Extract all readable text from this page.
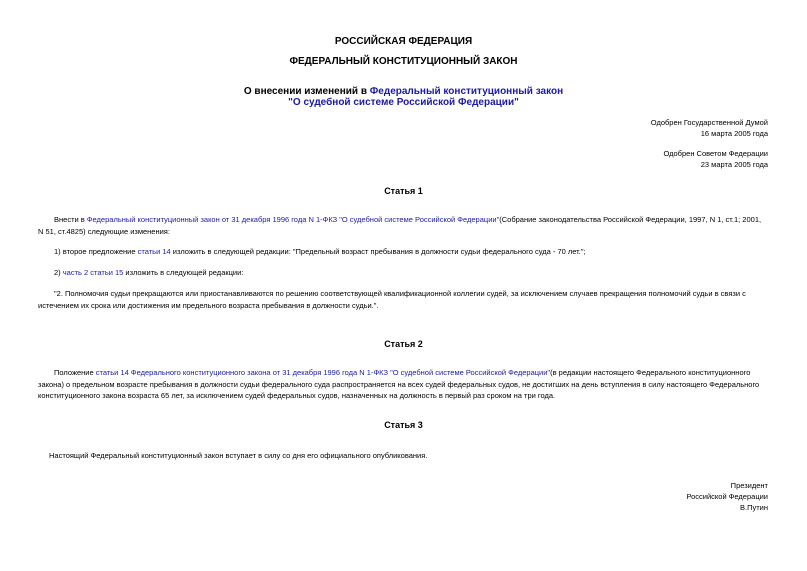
РОССИЙСКАЯ ФЕДЕРАЦИЯ
ФЕДЕРАЛЬНЫЙ КОНСТИТУЦИОННЫЙ ЗАКОН
О внесении изменений в Федеральный конституционный закон
"О судебной системе Российской Федерации"
Одобрен Государственной Думой
16 марта 2005 года
Одобрен Советом Федерации
23 марта 2005 года
Статья 1
Внести в Федеральный конституционный закон от 31 декабря 1996 года N 1-ФКЗ "О судебной системе Российской Федерации"(Собрание законодательства Российской Федерации, 1997, N 1, ст.1; 2001, N 51, ст.4825) следующие изменения:
1) второе предложение статьи 14 изложить в следующей редакции: "Предельный возраст пребывания в должности судьи федерального суда - 70 лет.";
2) часть 2 статьи 15 изложить в следующей редакции:
"2. Полномочия судьи прекращаются или приостанавливаются по решению соответствующей квалификационной коллегии судей, за исключением случаев прекращения полномочий судьи в связи с истечением их срока или достижения им предельного возраста пребывания в должности судьи.".
Статья 2
Положение статьи 14 Федерального конституционного закона от 31 декабря 1996 года N 1-ФКЗ "О судебной системе Российской Федерации"(в редакции настоящего Федерального конституционного закона) о предельном возрасте пребывания в должности судьи федерального суда распространяется на всех судей федеральных судов, не достигших на день вступления в силу настоящего Федерального конституционного закона возраста 65 лет, за исключением судей федеральных судов, назначенных на должность в первый раз сроком на три года.
Статья 3
Настоящий Федеральный конституционный закон вступает в силу со дня его официального опубликования.
Президент
Российской Федерации
В.Путин
